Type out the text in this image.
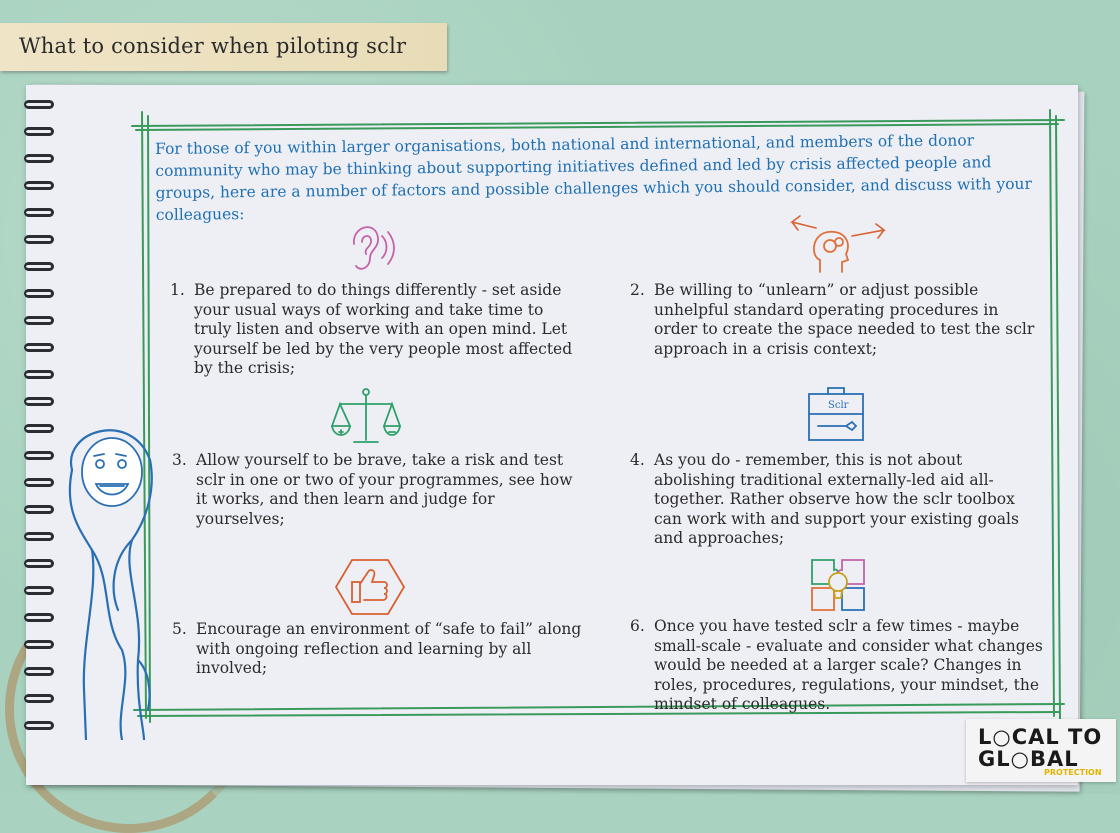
What to consider when piloting sclr
For those of you within larger organisations, both national and international, and members of the donor community who may be thinking about supporting initiatives defined and led by crisis affected people and groups, here are a number of factors and possible challenges which you should consider, and discuss with your colleagues:
Sclr
1. Be prepared to do things differently - set aside your usual ways of working and take time to truly listen and observe with an open mind. Let yourself be led by the very people most affected by the crisis;
2. Be willing to “unlearn” or adjust possible unhelpful standard operating procedures in order to create the space needed to test the sclr approach in a crisis context;
3. Allow yourself to be brave, take a risk and test sclr in one or two of your programmes, see how it works, and then learn and judge for yourselves;
4. As you do - remember, this is not about abolishing traditional externally-led aid all-together. Rather observe how the sclr toolbox can work with and support your existing goals and approaches;
5. Encourage an environment of “safe to fail” along with ongoing reflection and learning by all involved;
6. Once you have tested sclr a few times - maybe small-scale - evaluate and consider what changes would be needed at a larger scale? Changes in roles, procedures, regulations, your mindset, the mindset of colleagues.
L○CAL TO
GL○BAL
PROTECTION
